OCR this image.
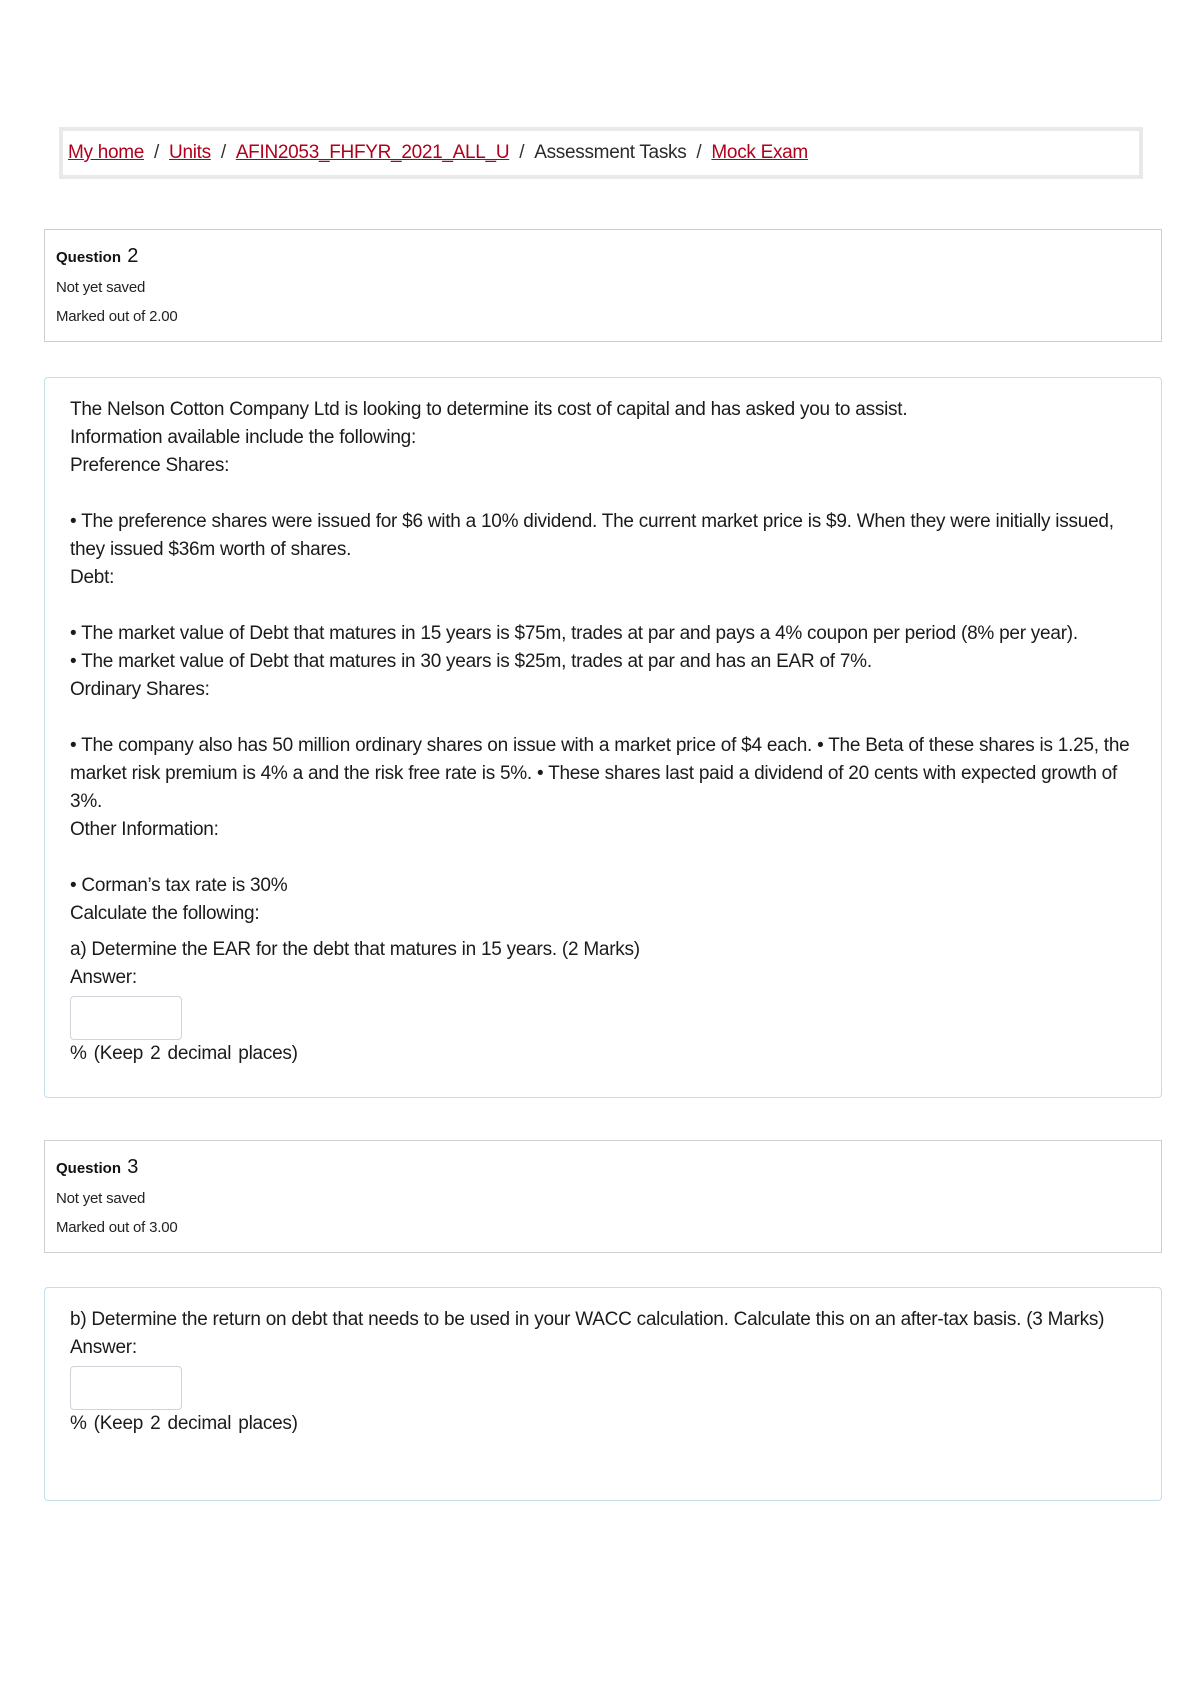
My home / Units / AFIN2053_FHFYR_2021_ALL_U / Assessment Tasks / Mock Exam
Question 2
Not yet saved
Marked out of 2.00

The Nelson Cotton Company Ltd is looking to determine its cost of capital and has asked you to assist.

Information available include the following:

Preference Shares:

• The preference shares were issued for $6 with a 10% dividend. The current market price is $9. When they were initially issued, they issued $36m worth of shares.

Debt:

• The market value of Debt that matures in 15 years is $75m, trades at par and pays a 4% coupon per period (8% per year).

• The market value of Debt that matures in 30 years is $25m, trades at par and has an EAR of 7%.

Ordinary Shares:

• The company also has 50 million ordinary shares on issue with a market price of $4 each. • The Beta of these shares is 1.25, the market risk premium is 4% a and the risk free rate is 5%. • These shares last paid a dividend of 20 cents with expected growth of 3%.

Other Information:

• Corman’s tax rate is 30%

Calculate the following:

a) Determine the EAR for the debt that matures in 15 years. (2 Marks)

Answer:

% (Keep 2 decimal places)

Question 3
Not yet saved
Marked out of 3.00

b) Determine the return on debt that needs to be used in your WACC calculation. Calculate this on an after-tax basis. (3 Marks)

Answer:

% (Keep 2 decimal places)
